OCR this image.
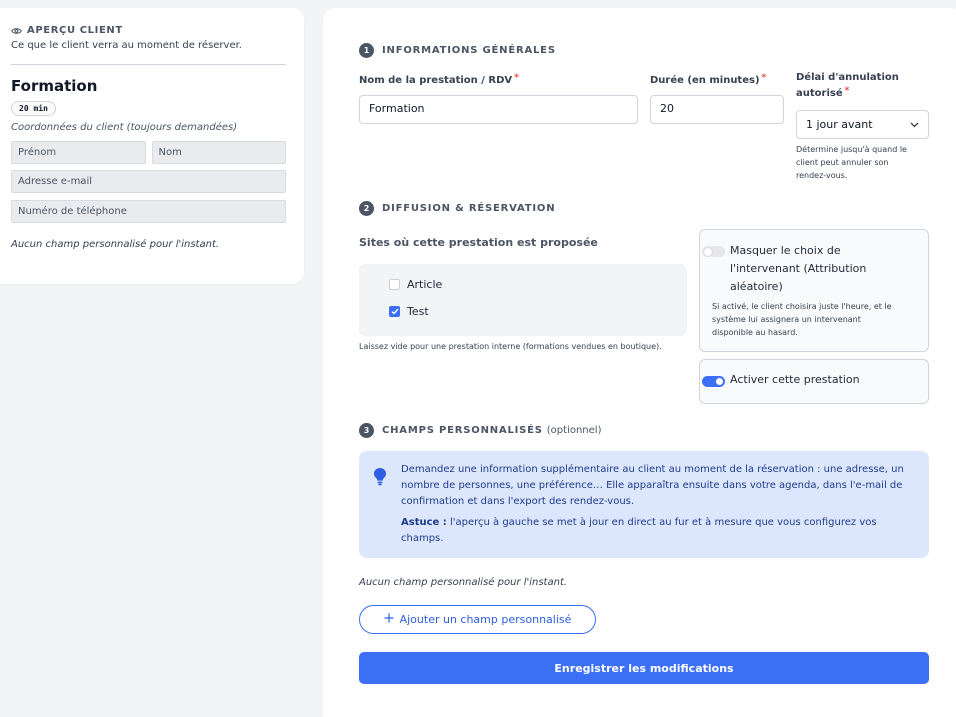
APERÇU CLIENT
Ce que le client verra au moment de réserver.
Formation
20 min
Coordonnées du client (toujours demandées)
Prénom	Nom
Adresse e-mail
Numéro de téléphone
Aucun champ personnalisé pour l'instant.
1	INFORMATIONS GÉNÉRALES
Nom de la prestation / RDV *
Formation
Durée (en minutes) *
20
Délai d'annulation
autorisé *
1 jour avant
Détermine jusqu'à quand le
client peut annuler son
rendez-vous.
2	DIFFUSION & RÉSERVATION
Sites où cette prestation est proposée
Article
Test
Laissez vide pour une prestation interne (formations vendues en boutique).
Masquer le choix de
l'intervenant (Attribution
aléatoire)
Si activé, le client choisira juste l'heure, et le
système lui assignera un intervenant
disponible au hasard.
Activer cette prestation
3	CHAMPS PERSONNALISÉS (optionnel)
Demandez une information supplémentaire au client au moment de la réservation : une adresse, un
nombre de personnes, une préférence… Elle apparaîtra ensuite dans votre agenda, dans l'e-mail de
confirmation et dans l'export des rendez-vous.
Astuce : l'aperçu à gauche se met à jour en direct au fur et à mesure que vous configurez vos
champs.
Aucun champ personnalisé pour l'instant.
Ajouter un champ personnalisé
Enregistrer les modifications
